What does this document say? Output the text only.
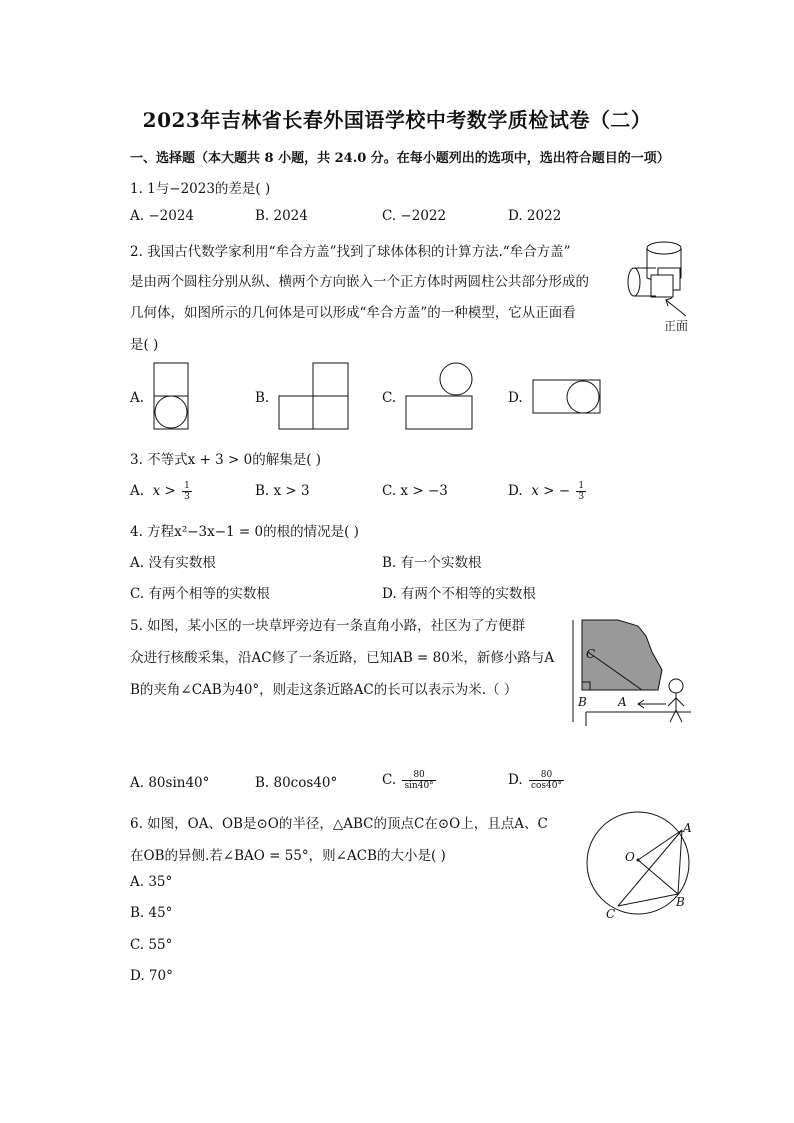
2023年吉林省长春外国语学校中考数学质检试卷（二）
一、选择题（本大题共 8 小题，共 24.0 分。在每小题列出的选项中，选出符合题目的一项）
1. 1与−2023的差是( )
A. −2024	B. 2024	C. −2022	D. 2022
2. 我国古代数学家利用“牟合方盖”找到了球体体积的计算方法.“牟合方盖”
是由两个圆柱分别从纵、横两个方向嵌入一个正方体时两圆柱公共部分形成的
几何体，如图所示的几何体是可以形成“牟合方盖”的一种模型，它从正面看
是( )
正面
A.	B.	C.	D.
3. 不等式x + 3 > 0的解集是( )
A. $x > \frac{1}{3}$	B. x > 3	C. x > −3	D. x > − $\frac{1}{3}$
4. 方程x²−3x−1 = 0的根的情况是( )
A. 没有实数根	B. 有一个实数根
C. 有两个相等的实数根	D. 有两个不相等的实数根
5. 如图，某小区的一块草坪旁边有一条直角小路，社区为了方便群
众进行核酸采集，沿AC修了一条近路，已知AB = 80米，新修小路与A
B的夹角∠CAB为40°，则走这条近路AC的长可以表示为米.（ ）
C
B	A
A. 80sin40°	B. 80cos40°	C. $\frac{80}{\sin 40^\circ}$	D. $\frac{80}{\cos 40^\circ}$
6. 如图，OA、OB是⊙O的半径，△ABC的顶点C在⊙O上，且点A、C
在OB的异侧.若∠BAO = 55°，则∠ACB的大小是( )	O
A
B
C
A. 35°
B. 45°
C. 55°
D. 70°
